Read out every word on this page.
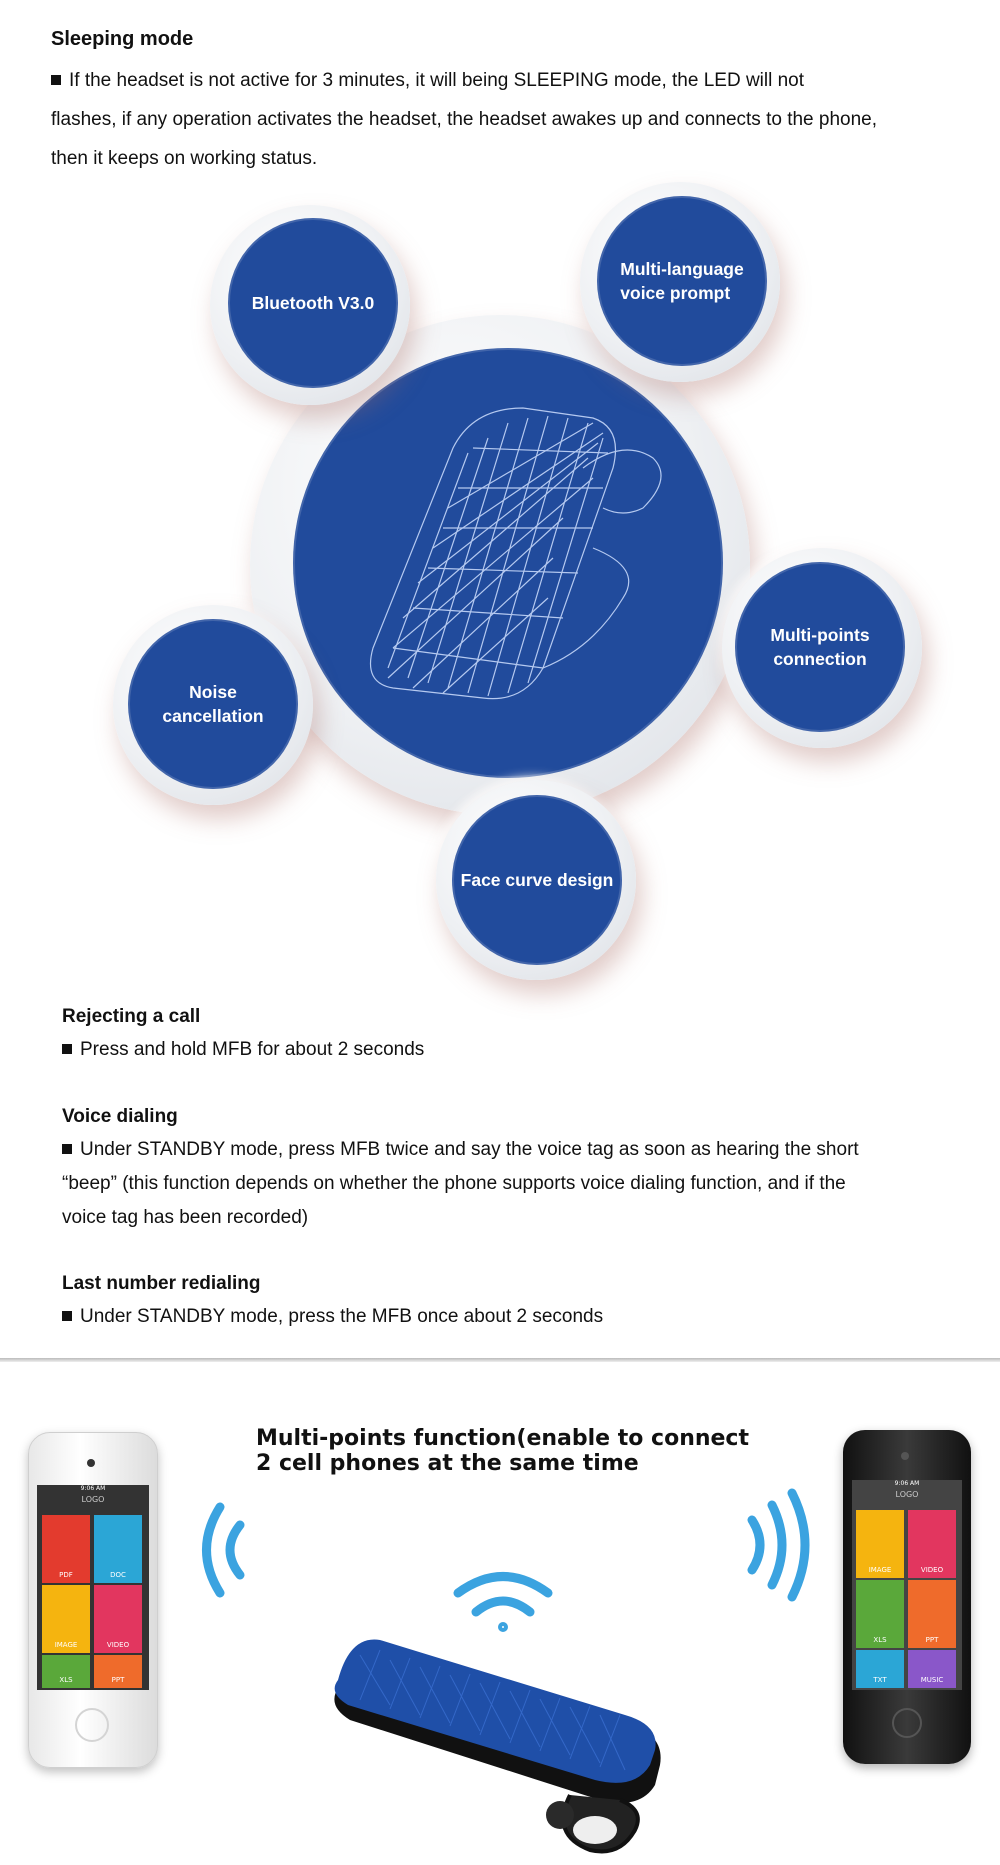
Sleeping mode
If the headset is not active for 3 minutes, it will being SLEEPING mode, the LED will not
flashes, if any operation activates the headset, the headset awakes up and connects to the phone,
then it keeps on working status.
Bluetooth V3.0
Multi-language
voice prompt
Multi-points
connection
Noise
cancellation
Face curve design
Rejecting a call
Press and hold MFB for about 2 seconds
Voice dialing
Under STANDBY mode, press MFB twice and say the voice tag as soon as hearing the short
“beep” (this function depends on whether the phone supports voice dialing function, and if the
voice tag has been recorded)
Last number redialing
Under STANDBY mode, press the MFB once about 2 seconds
Multi-points function(enable to connect
2 cell phones at the same time
9:06 AM
LOGO
PDF	DOC
IMAGE	VIDEO
XLS	PPT
9:06 AM
LOGO
IMAGE	VIDEO
XLS	PPT
TXT	MUSIC
